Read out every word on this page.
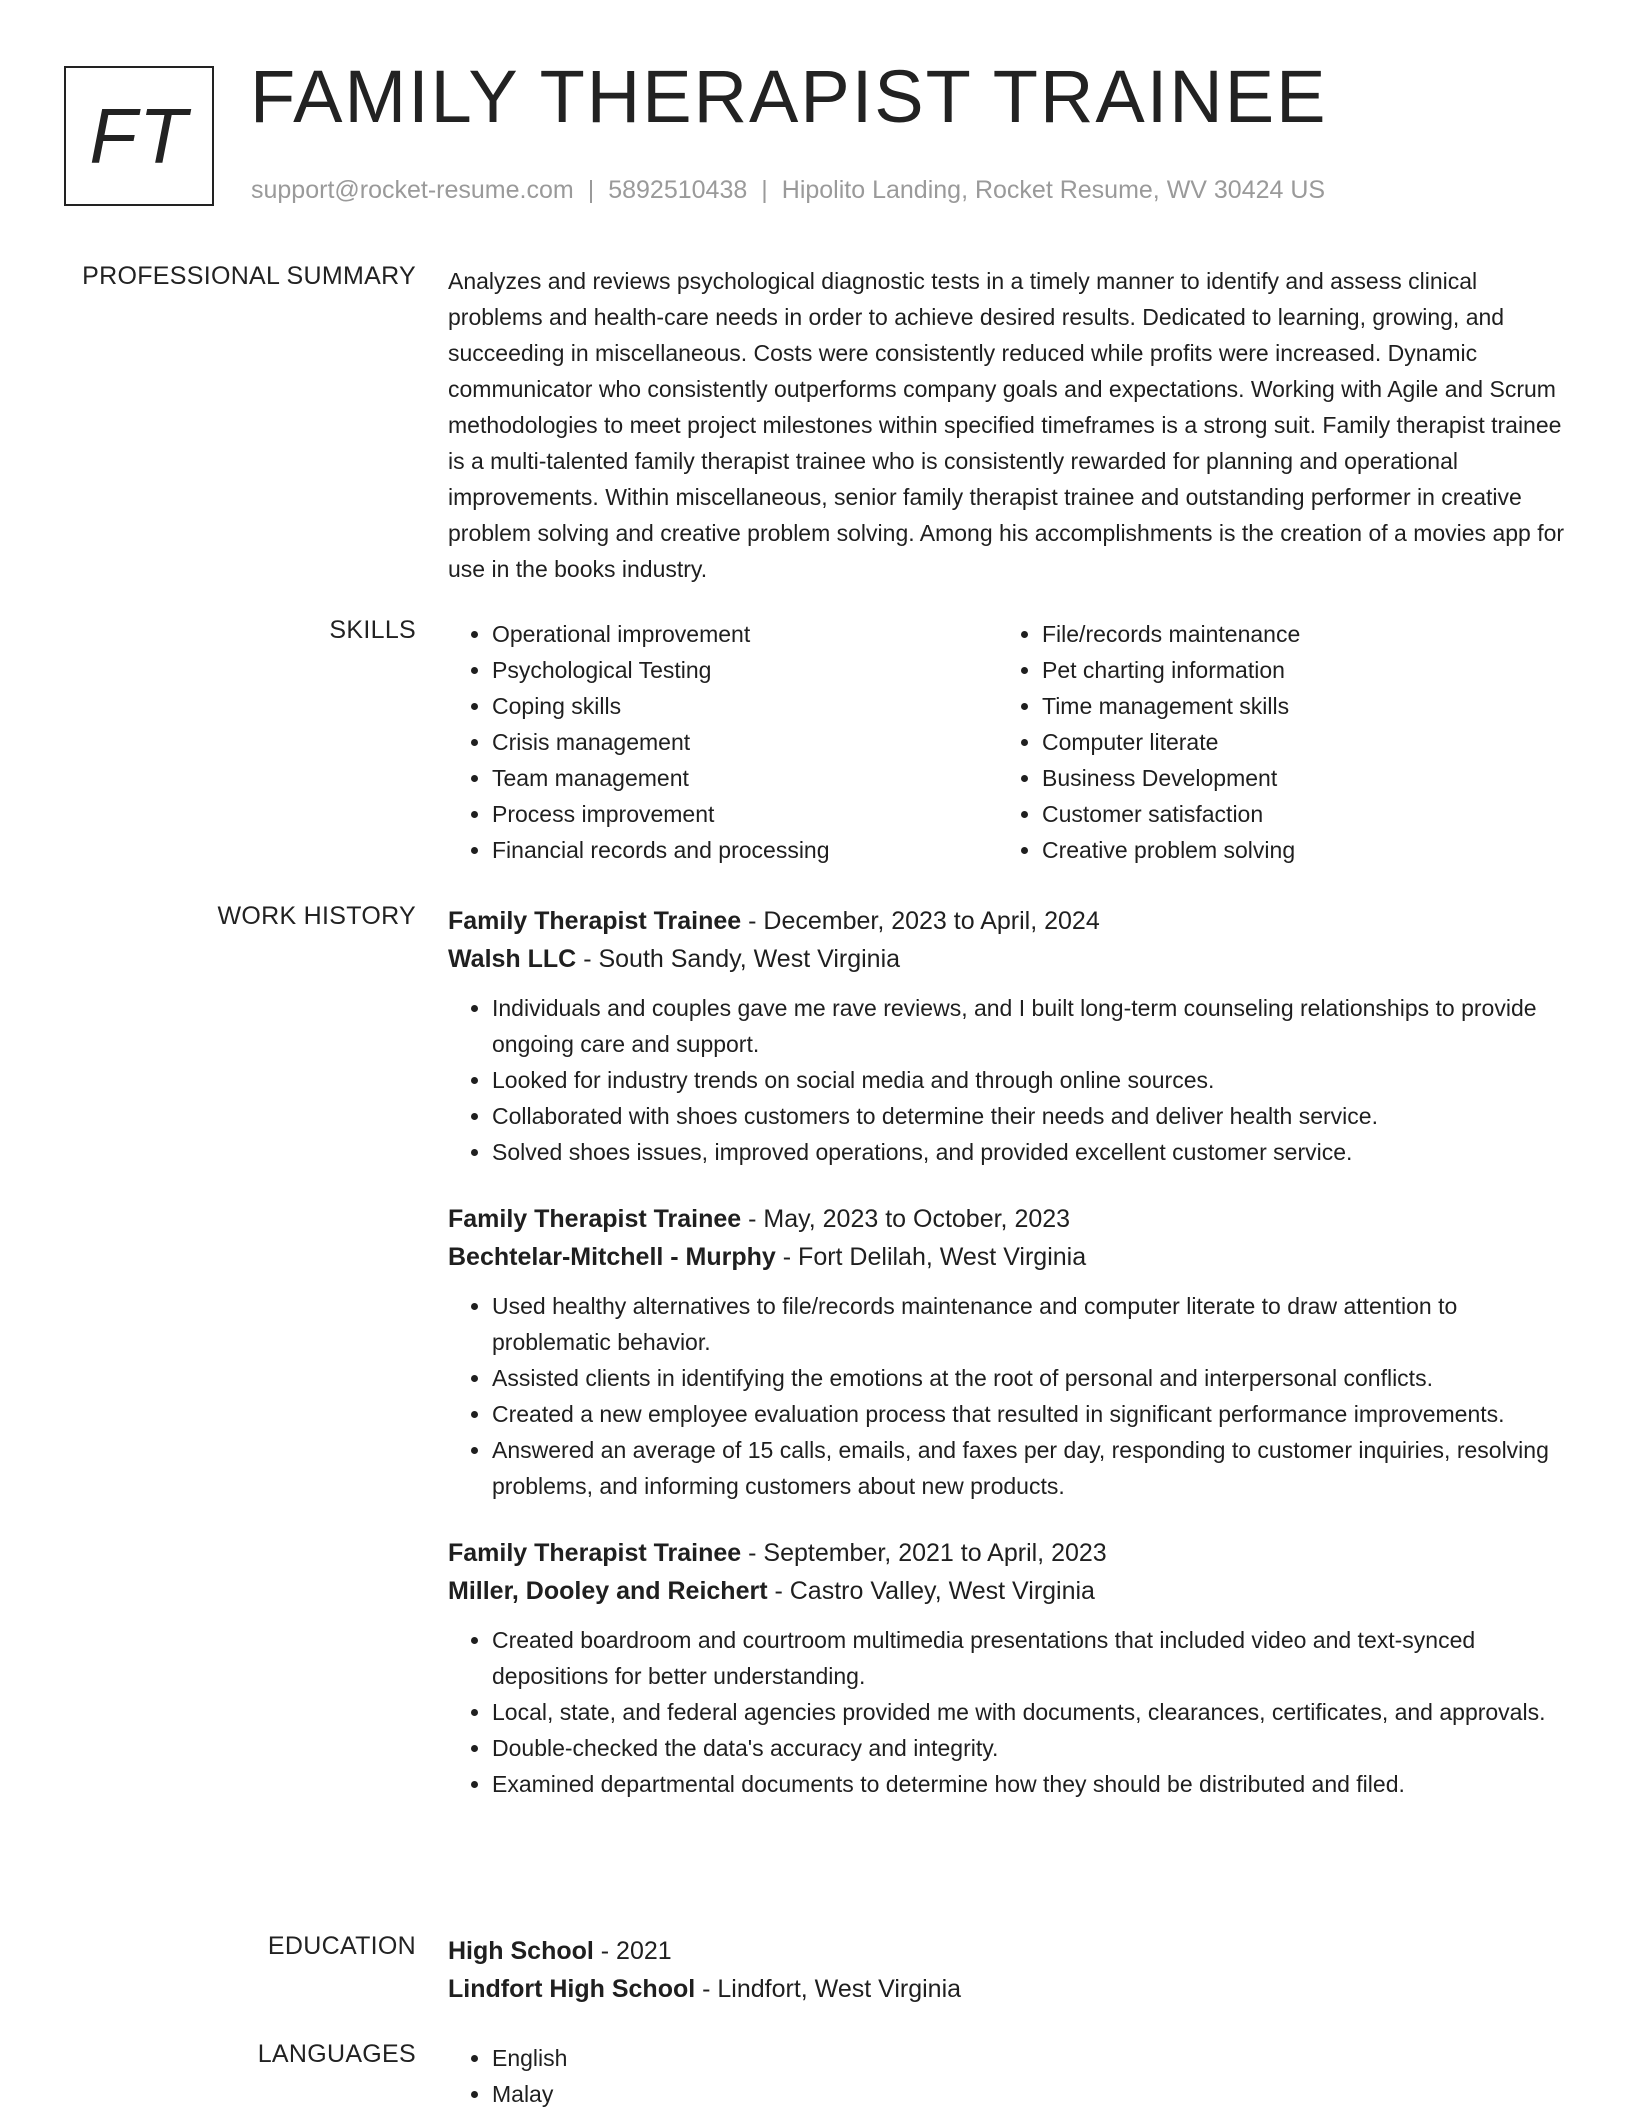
FT FAMILY THERAPIST TRAINEE
support@rocket-resume.com | 5892510438 | Hipolito Landing, Rocket Resume, WV 30424 US
PROFESSIONAL SUMMARY Analyzes and reviews psychological diagnostic tests in a timely manner to identify and assess clinical problems and health-care needs in order to achieve desired results. Dedicated to learning, growing, and succeeding in miscellaneous. Costs were consistently reduced while profits were increased. Dynamic communicator who consistently outperforms company goals and expectations. Working with Agile and Scrum methodologies to meet project milestones within specified timeframes is a strong suit. Family therapist trainee is a multi-talented family therapist trainee who is consistently rewarded for planning and operational improvements. Within miscellaneous, senior family therapist trainee and outstanding performer in creative problem solving and creative problem solving. Among his accomplishments is the creation of a movies app for use in the books industry.

SKILLS	• Operational improvement
• Psychological Testing
• Coping skills
• Crisis management
• Team management
• Process improvement
• Financial records and processing
• File/records maintenance
• Pet charting information
• Time management skills
• Computer literate
• Business Development
• Customer satisfaction
• Creative problem solving
WORK HISTORY Family Therapist Trainee - December, 2023 to April, 2024
Walsh LLC - South Sandy, West Virginia
• Individuals and couples gave me rave reviews, and I built long-term counseling relationships to provide ongoing care and support.
• Looked for industry trends on social media and through online sources.
• Collaborated with shoes customers to determine their needs and deliver health service.
• Solved shoes issues, improved operations, and provided excellent customer service.
Family Therapist Trainee - May, 2023 to October, 2023
Bechtelar-Mitchell - Murphy - Fort Delilah, West Virginia
• Used healthy alternatives to file/records maintenance and computer literate to draw attention to problematic behavior.
• Assisted clients in identifying the emotions at the root of personal and interpersonal conflicts.
• Created a new employee evaluation process that resulted in significant performance improvements.
• Answered an average of 15 calls, emails, and faxes per day, responding to customer inquiries, resolving problems, and informing customers about new products.
Family Therapist Trainee - September, 2021 to April, 2023
Miller, Dooley and Reichert - Castro Valley, West Virginia
• Created boardroom and courtroom multimedia presentations that included video and text-synced depositions for better understanding.
• Local, state, and federal agencies provided me with documents, clearances, certificates, and approvals.
• Double-checked the data's accuracy and integrity.
• Examined departmental documents to determine how they should be distributed and filed.
EDUCATION High School - 2021
Lindfort High School - Lindfort, West Virginia
LANGUAGES	• English
• Malay
